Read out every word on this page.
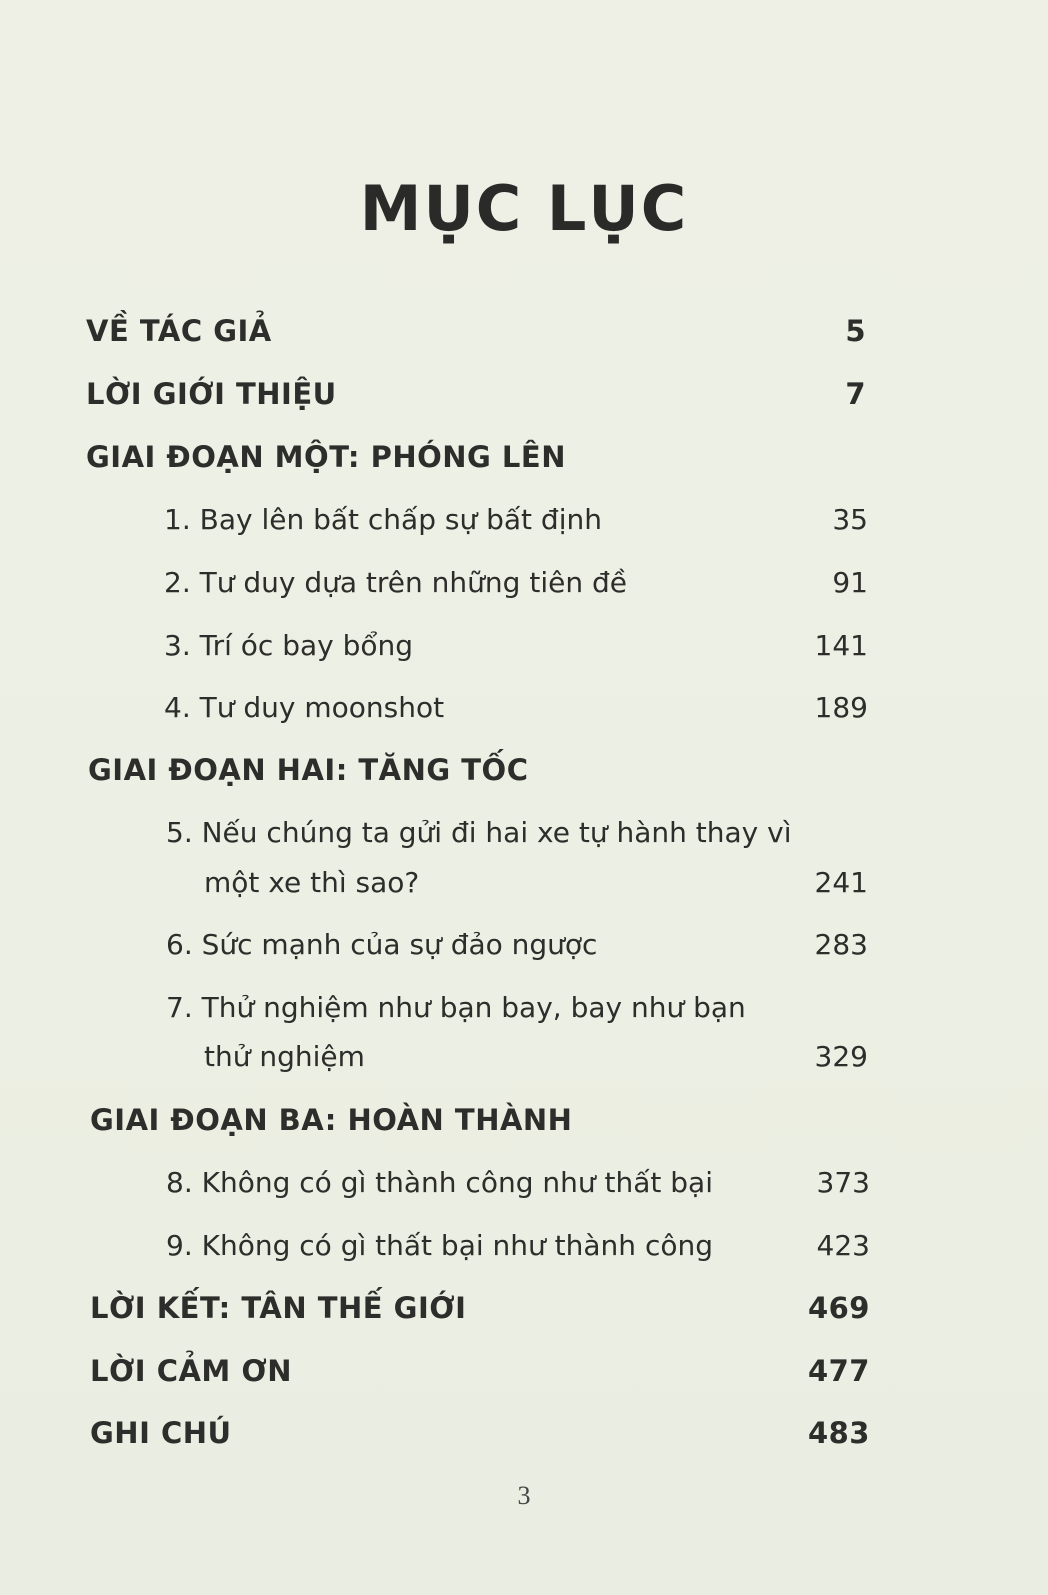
MỤC LỤC
VỀ TÁC GIẢ	5
LỜI GIỚI THIỆU	7
GIAI ĐOẠN MỘT: PHÓNG LÊN
1. Bay lên bất chấp sự bất định	35
2. Tư duy dựa trên những tiên đề	91
3. Trí óc bay bổng	141
4. Tư duy moonshot	189
GIAI ĐOẠN HAI: TĂNG TỐC
5. Nếu chúng ta gửi đi hai xe tự hành thay vì
một xe thì sao?	241
6. Sức mạnh của sự đảo ngược	283
7. Thử nghiệm như bạn bay, bay như bạn
thử nghiệm	329
GIAI ĐOẠN BA: HOÀN THÀNH
8. Không có gì thành công như thất bại	373
9. Không có gì thất bại như thành công	423
LỜI KẾT: TÂN THẾ GIỚI	469
LỜI CẢM ƠN	477
GHI CHÚ	483
3
